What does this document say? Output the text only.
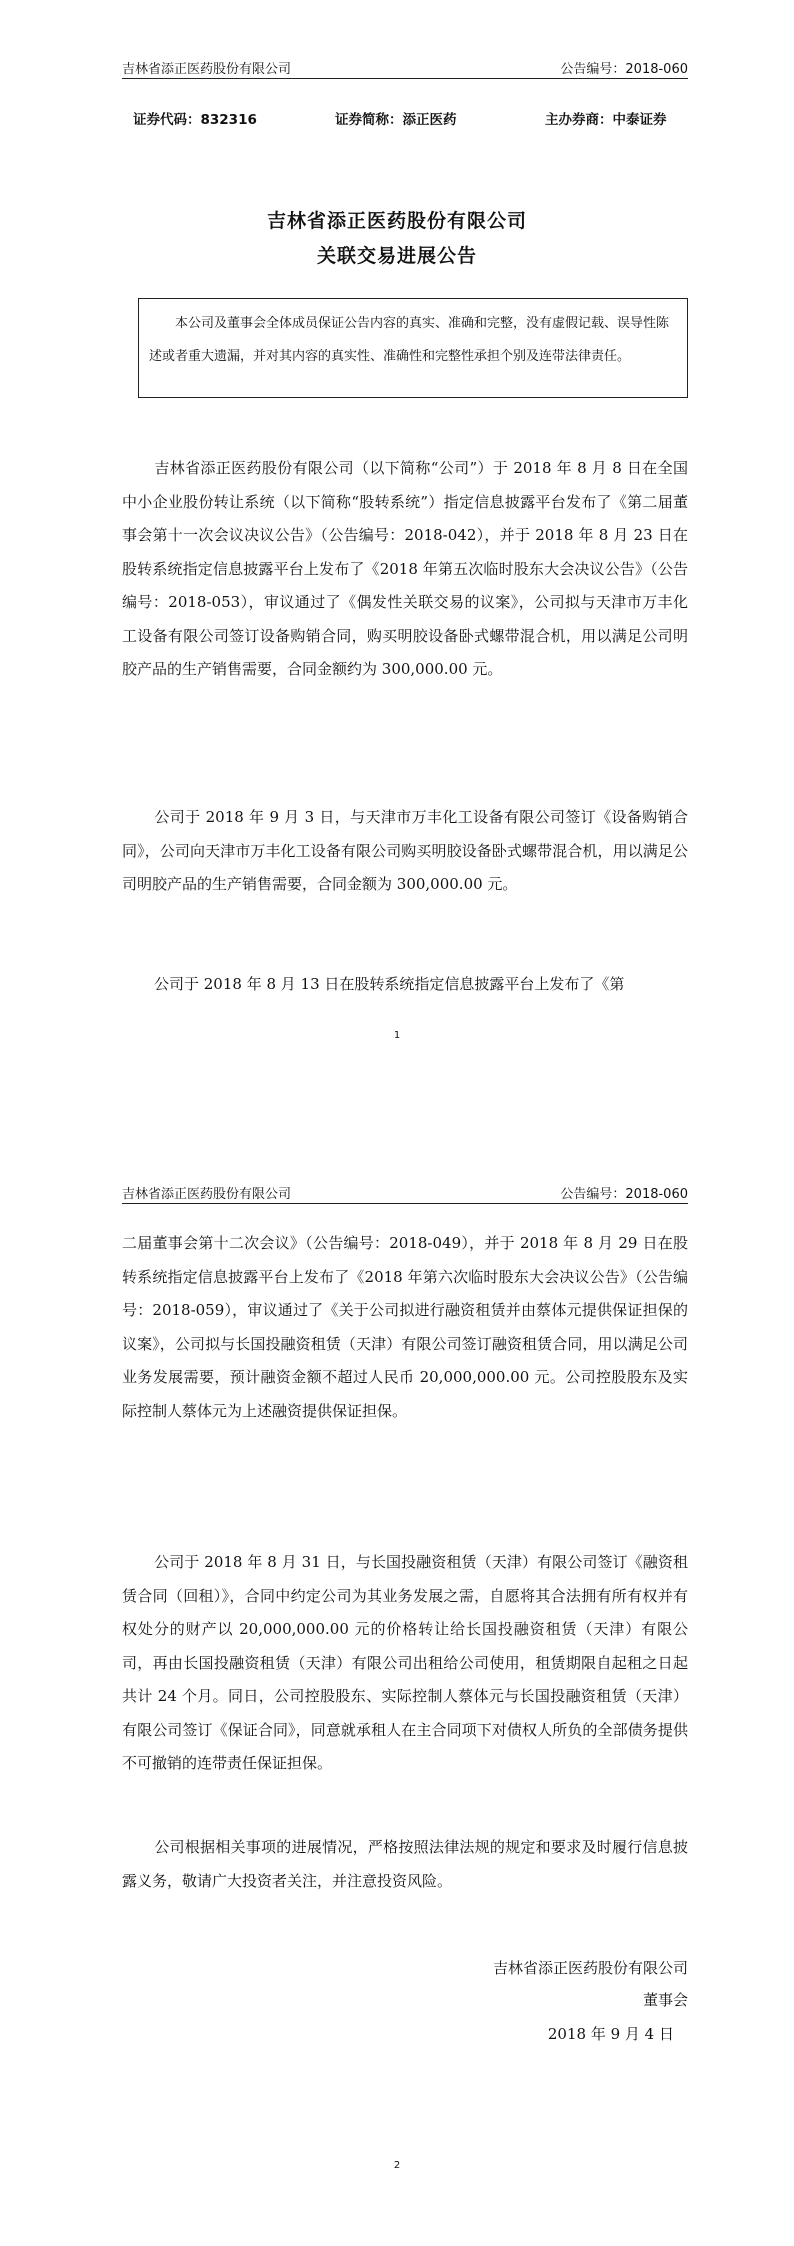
吉林省添正医药股份有限公司	公告编号：2018-060
证券代码：832316	证券简称：添正医药	主办券商：中泰证券
吉林省添正医药股份有限公司
关联交易进展公告
本公司及董事会全体成员保证公告内容的真实、准确和完整，没有虚假记载、误导性陈述或者重大遗漏，并对其内容的真实性、准确性和完整性承担个别及连带法律责任。
吉林省添正医药股份有限公司（以下简称“公司”）于 2018 年 8 月 8 日在全国中小企业股份转让系统（以下简称“股转系统”）指定信息披露平台发布了《第二届董事会第十一次会议决议公告》（公告编号：2018-042），并于 2018 年 8 月 23 日在股转系统指定信息披露平台上发布了《2018 年第五次临时股东大会决议公告》（公告编号：2018-053），审议通过了《偶发性关联交易的议案》，公司拟与天津市万丰化工设备有限公司签订设备购销合同，购买明胶设备卧式螺带混合机，用以满足公司明胶产品的生产销售需要，合同金额约为 300,000.00 元。
公司于 2018 年 9 月 3 日，与天津市万丰化工设备有限公司签订《设备购销合同》，公司向天津市万丰化工设备有限公司购买明胶设备卧式螺带混合机，用以满足公司明胶产品的生产销售需要，合同金额为 300,000.00 元。
公司于 2018 年 8 月 13 日在股转系统指定信息披露平台上发布了《第
1
吉林省添正医药股份有限公司	公告编号：2018-060
二届董事会第十二次会议》（公告编号：2018-049），并于 2018 年 8 月 29 日在股转系统指定信息披露平台上发布了《2018 年第六次临时股东大会决议公告》（公告编号：2018-059），审议通过了《关于公司拟进行融资租赁并由蔡体元提供保证担保的议案》，公司拟与长国投融资租赁（天津）有限公司签订融资租赁合同，用以满足公司业务发展需要，预计融资金额不超过人民币 20,000,000.00 元。公司控股股东及实际控制人蔡体元为上述融资提供保证担保。
公司于 2018 年 8 月 31 日，与长国投融资租赁（天津）有限公司签订《融资租赁合同（回租）》，合同中约定公司为其业务发展之需，自愿将其合法拥有所有权并有权处分的财产以 20,000,000.00 元的价格转让给长国投融资租赁（天津）有限公司，再由长国投融资租赁（天津）有限公司出租给公司使用，租赁期限自起租之日起共计 24 个月。同日，公司控股股东、实际控制人蔡体元与长国投融资租赁（天津）有限公司签订《保证合同》，同意就承租人在主合同项下对债权人所负的全部债务提供不可撤销的连带责任保证担保。
公司根据相关事项的进展情况，严格按照法律法规的规定和要求及时履行信息披露义务，敬请广大投资者关注，并注意投资风险。
吉林省添正医药股份有限公司
董事会
2018 年 9 月 4 日
2
